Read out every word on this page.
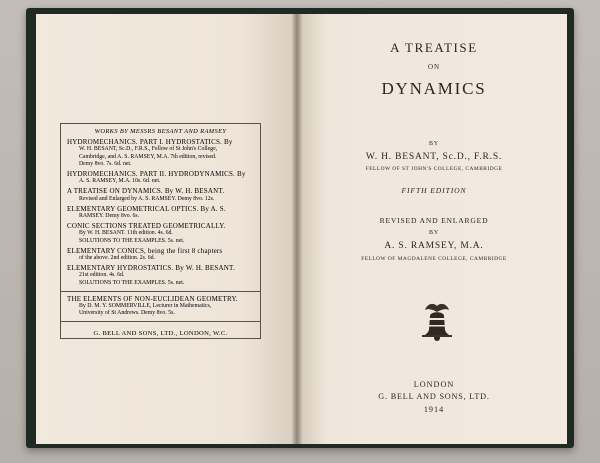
WORKS BY MESSRS BESANT AND RAMSEY
HYDROMECHANICS. PART I. HYDROSTATICS. By
W. H. BESANT, Sc.D., F.R.S., Fellow of St John's College,
Cambridge, and A. S. RAMSEY, M.A. 7th edition, revised.
Demy 8vo. 7s. 6d. net.
HYDROMECHANICS. PART II. HYDRODYNAMICS. By
A. S. RAMSEY, M.A. 10s. 6d. net.
A TREATISE ON DYNAMICS. By W. H. BESANT.
Revised and Enlarged by A. S. RAMSEY. Demy 8vo. 12s.
ELEMENTARY GEOMETRICAL OPTICS. By A. S.
RAMSEY. Demy 8vo. 6s.
CONIC SECTIONS TREATED GEOMETRICALLY.
By W. H. BESANT. 11th edition. 4s. 6d.
SOLUTIONS TO THE EXAMPLES. 5s. net.
ELEMENTARY CONICS, being the first 8 chapters
of the above. 2nd edition. 2s. 6d.
ELEMENTARY HYDROSTATICS. By W. H. BESANT.
21st edition. 4s. 6d.
SOLUTIONS TO THE EXAMPLES. 5s. net.
THE ELEMENTS OF NON-EUCLIDEAN GEOMETRY.
By D. M. Y. SOMMERVILLE, Lecturer in Mathematics,
University of St Andrews. Demy 8vo. 5s.
G. BELL AND SONS, LTD., LONDON, W.C.
A TREATISE
ON
DYNAMICS
BY
W. H. BESANT, Sc.D., F.R.S.
FELLOW OF ST JOHN'S COLLEGE, CAMBRIDGE
FIFTH EDITION
REVISED AND ENLARGED
BY
A. S. RAMSEY, M.A.
FELLOW OF MAGDALENE COLLEGE, CAMBRIDGE
LONDON
G. BELL AND SONS, LTD.
1914
